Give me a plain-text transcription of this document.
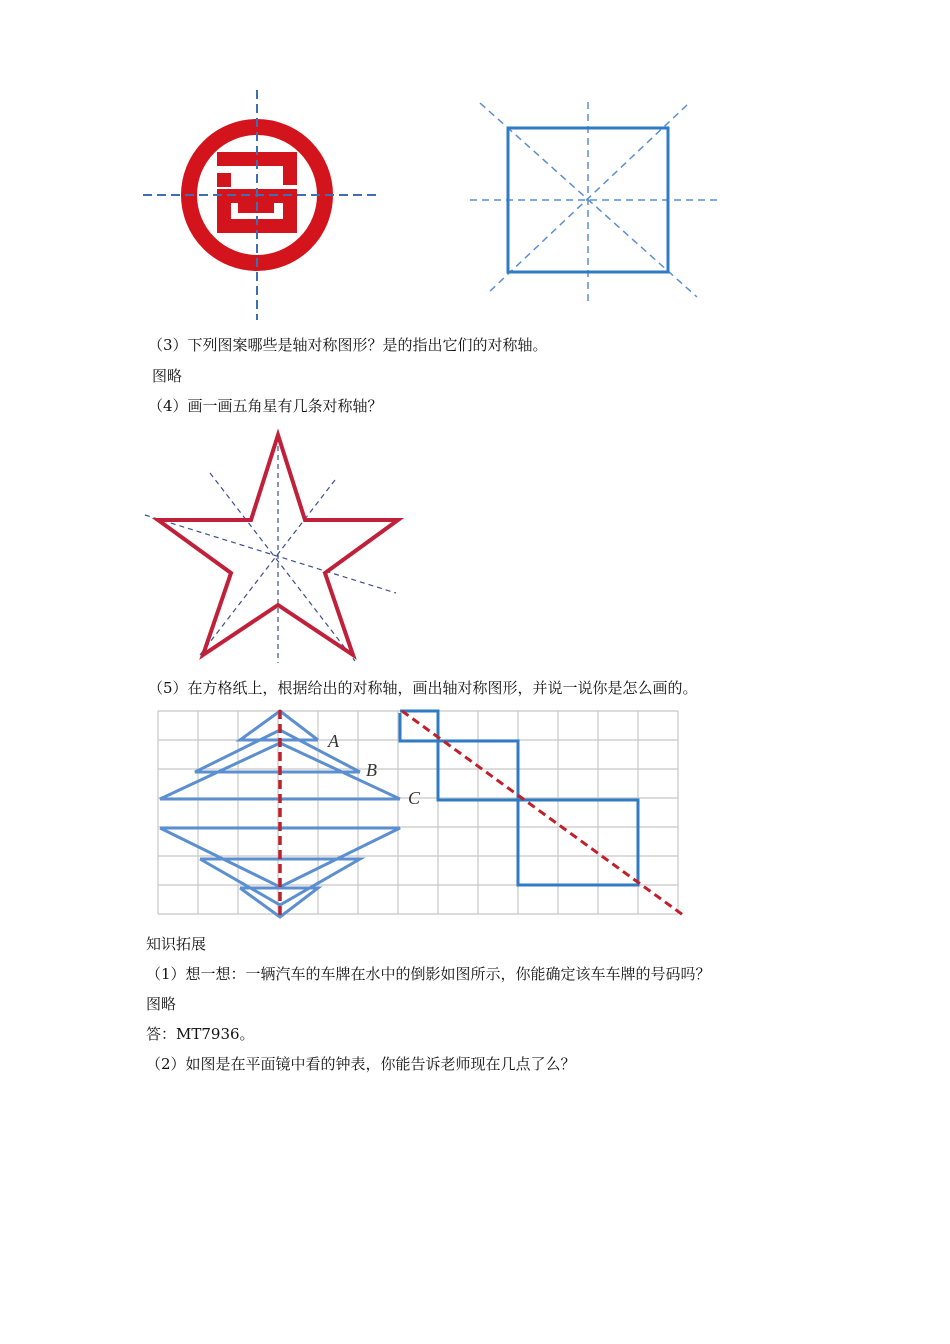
（3）下列图案哪些是轴对称图形？是的指出它们的对称轴。
图略
（4）画一画五角星有几条对称轴？
（5）在方格纸上，根据给出的对称轴，画出轴对称图形，并说一说你是怎么画的。
A
B
C
知识拓展
（1）想一想：一辆汽车的车牌在水中的倒影如图所示，你能确定该车车牌的号码吗？
图略
答：MT7936。
（2）如图是在平面镜中看的钟表，你能告诉老师现在几点了么？
